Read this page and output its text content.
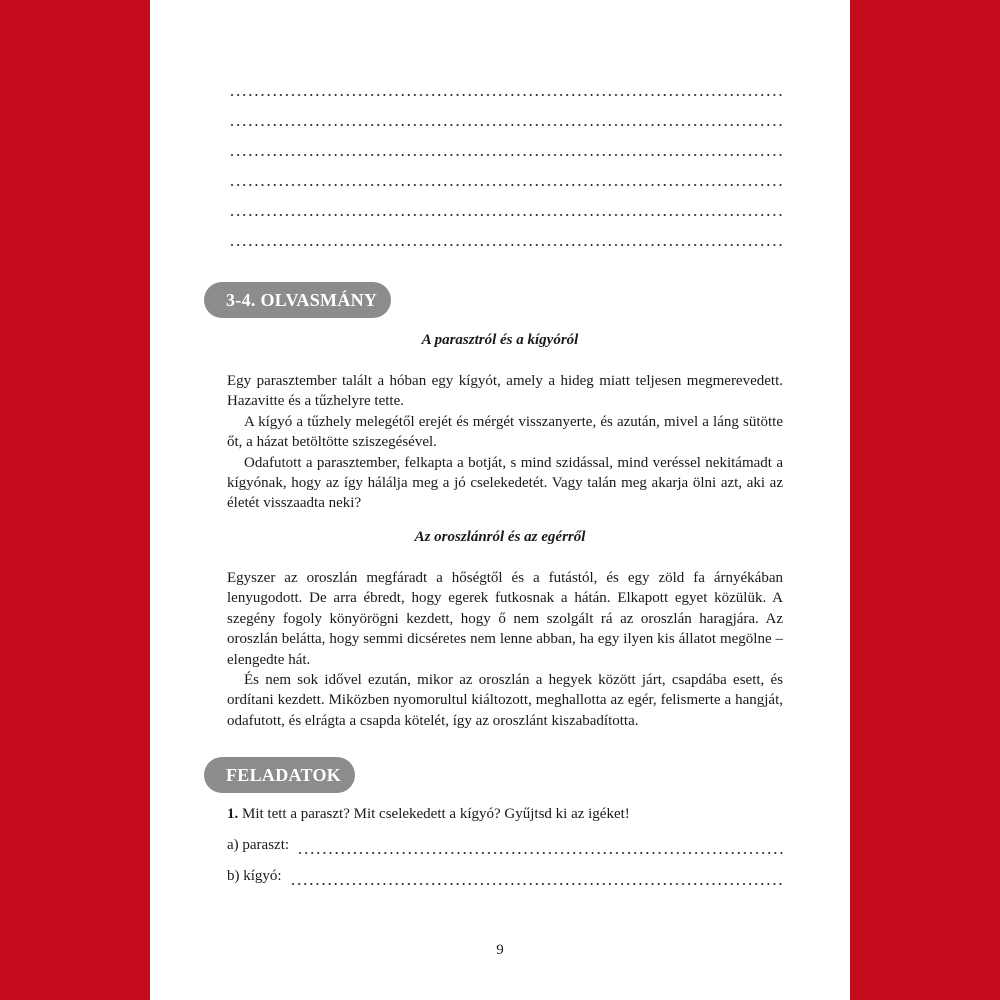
3-4. OLVASMÁNY
A parasztról és a kígyóról

Egy parasztember talált a hóban egy kígyót, amely a hideg miatt teljesen megmerevedett. Hazavitte és a tűzhelyre tette.

A kígyó a tűzhely melegétől erejét és mérgét visszanyerte, és azután, mivel a láng sütötte őt, a házat betöltötte sziszegésével.

Odafutott a parasztember, felkapta a botját, s mind szidással, mind veréssel nekitámadt a kígyónak, hogy az így hálálja meg a jó cselekedetét. Vagy talán meg akarja ölni azt, aki az életét visszaadta neki?

Az oroszlánról és az egérről

Egyszer az oroszlán megfáradt a hőségtől és a futástól, és egy zöld fa árnyékában lenyugodott. De arra ébredt, hogy egerek futkosnak a hátán. Elkapott egyet közülük. A szegény fogoly könyörögni kezdett, hogy ő nem szolgált rá az oroszlán haragjára. Az oroszlán belátta, hogy semmi dicséretes nem lenne abban, ha egy ilyen kis állatot megölne – elengedte hát.

És nem sok idővel ezután, mikor az oroszlán a hegyek között járt, csapdába esett, és ordítani kezdett. Miközben nyomorultul kiáltozott, meghallotta az egér, felismerte a hangját, odafutott, és elrágta a csapda kötelét, így az oroszlánt kiszabadította.

FELADATOK
1. Mit tett a paraszt? Mit cselekedett a kígyó? Gyűjtsd ki az igéket!
a) paraszt:
b) kígyó:
9
